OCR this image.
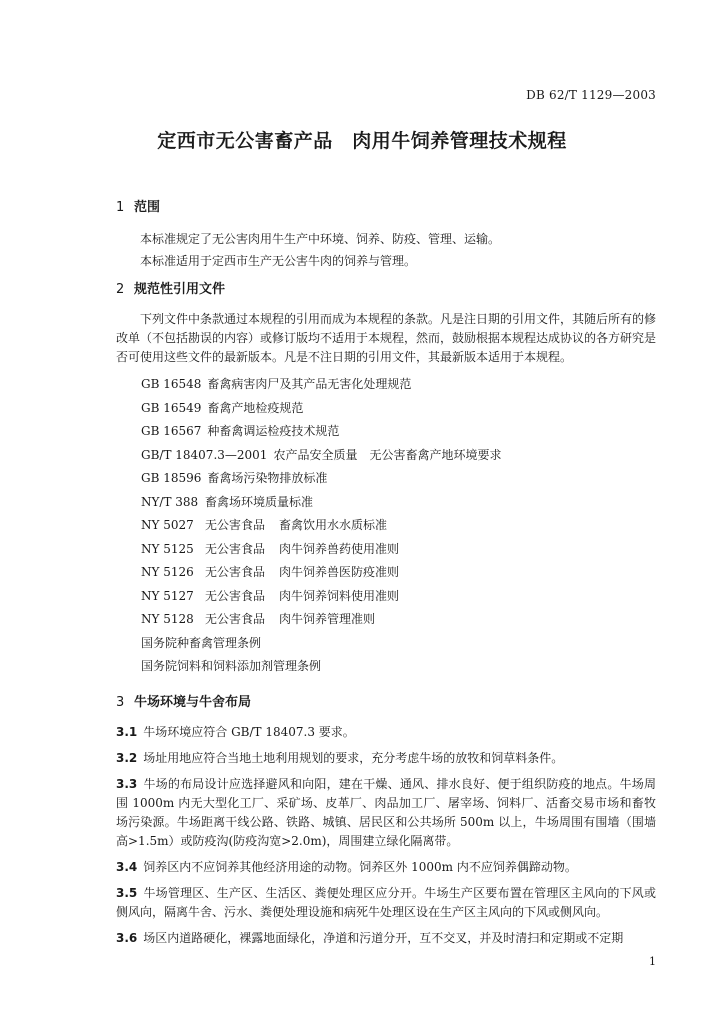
DB 62/T 1129—2003
定西市无公害畜产品　肉用牛饲养管理技术规程
1 范围

本标准规定了无公害肉用牛生产中环境、饲养、防疫、管理、运输。

本标准适用于定西市生产无公害牛肉的饲养与管理。

2 规范性引用文件

下列文件中条款通过本规程的引用而成为本规程的条款。凡是注日期的引用文件，其随后所有的修改单（不包括勘误的内容）或修订版均不适用于本规程，然而，鼓励根据本规程达成协议的各方研究是否可使用这些文件的最新版本。凡是不注日期的引用文件，其最新版本适用于本规程。

GB 16548 畜禽病害肉尸及其产品无害化处理规范
GB 16549 畜禽产地检疫规范
GB 16567 种畜禽调运检疫技术规范
GB/T 18407.3—2001 农产品安全质量　无公害畜禽产地环境要求
GB 18596 畜禽场污染物排放标准
NY/T 388 畜禽场环境质量标准
NY 5027 无公害食品 畜禽饮用水水质标准
NY 5125 无公害食品 肉牛饲养兽药使用准则
NY 5126 无公害食品 肉牛饲养兽医防疫准则
NY 5127 无公害食品 肉牛饲养饲料使用准则
NY 5128 无公害食品 肉牛饲养管理准则
国务院种畜禽管理条例
国务院饲料和饲料添加剂管理条例
3 牛场环境与牛舍布局

3.1 牛场环境应符合 GB/T 18407.3 要求。

3.2 场址用地应符合当地土地利用规划的要求，充分考虑牛场的放牧和饲草料条件。

3.3 牛场的布局设计应选择避风和向阳，建在干燥、通风、排水良好、便于组织防疫的地点。牛场周围 1000m 内无大型化工厂、采矿场、皮革厂、肉品加工厂、屠宰场、饲料厂、活畜交易市场和畜牧场污染源。牛场距离干线公路、铁路、城镇、居民区和公共场所 500m 以上，牛场周围有围墙（围墙高>1.5m）或防疫沟(防疫沟宽>2.0m)，周围建立绿化隔离带。

3.4 饲养区内不应饲养其他经济用途的动物。饲养区外 1000m 内不应饲养偶蹄动物。

3.5 牛场管理区、生产区、生活区、粪便处理区应分开。牛场生产区要布置在管理区主风向的下风或侧风向，隔离牛舍、污水、粪便处理设施和病死牛处理区设在生产区主风向的下风或侧风向。

3.6 场区内道路硬化，裸露地面绿化，净道和污道分开，互不交叉，并及时清扫和定期或不定期

1
